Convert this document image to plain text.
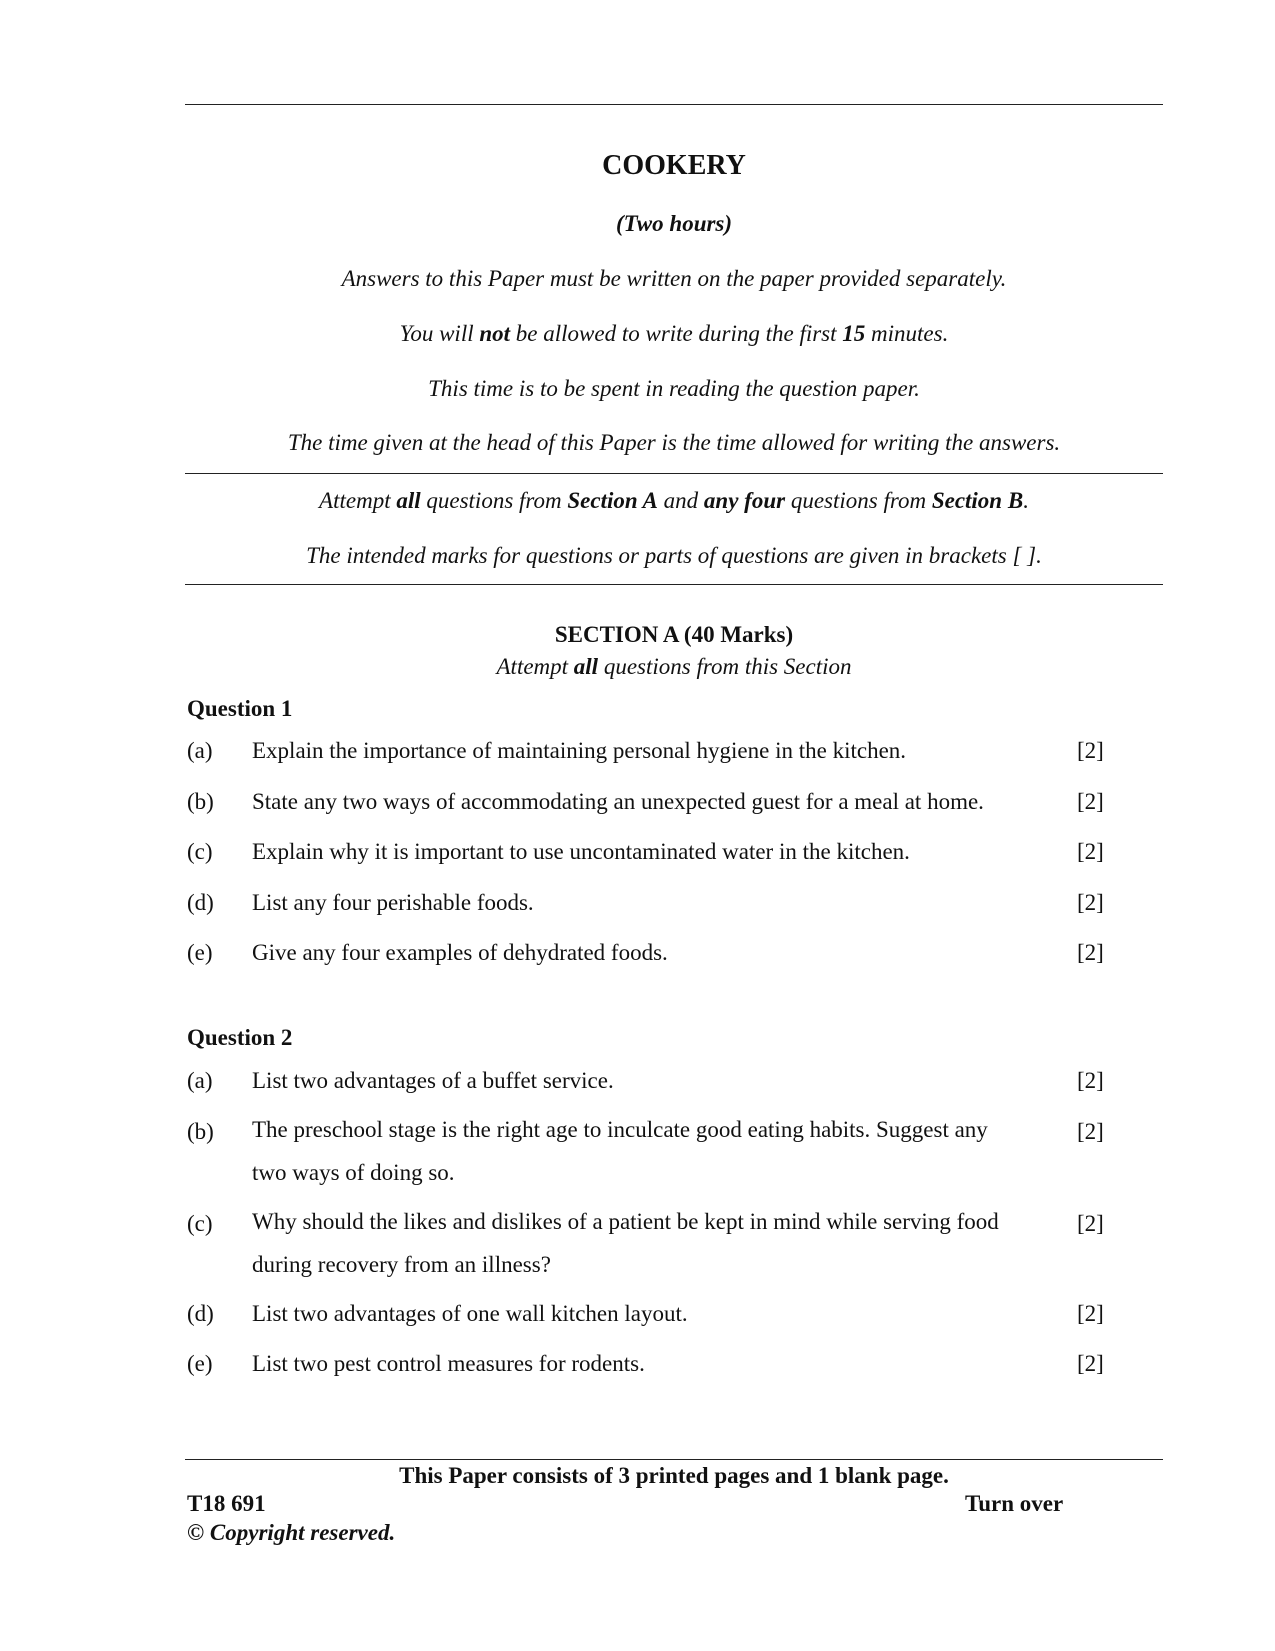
COOKERY
(Two hours)
Answers to this Paper must be written on the paper provided separately.
You will not be allowed to write during the first 15 minutes.
This time is to be spent in reading the question paper.
The time given at the head of this Paper is the time allowed for writing the answers.
Attempt all questions from Section A and any four questions from Section B.
The intended marks for questions or parts of questions are given in brackets [ ].
SECTION A (40 Marks)
Attempt all questions from this Section
Question 1
(a) Explain the importance of maintaining personal hygiene in the kitchen.	[2]
(b) State any two ways of accommodating an unexpected guest for a meal at home.	[2]
(c) Explain why it is important to use uncontaminated water in the kitchen.	[2]
(d) List any four perishable foods.	[2]
(e) Give any four examples of dehydrated foods.	[2]
Question 2
(a) List two advantages of a buffet service.	[2]
(b) The preschool stage is the right age to inculcate good eating habits. Suggest any two ways of doing so.
[2]
(c) Why should the likes and dislikes of a patient be kept in mind while serving food during recovery from an illness?
[2]
(d) List two advantages of one wall kitchen layout.	[2]
(e) List two pest control measures for rodents.	[2]
This Paper consists of 3 printed pages and 1 blank page.
T18 691	Turn over
© Copyright reserved.
